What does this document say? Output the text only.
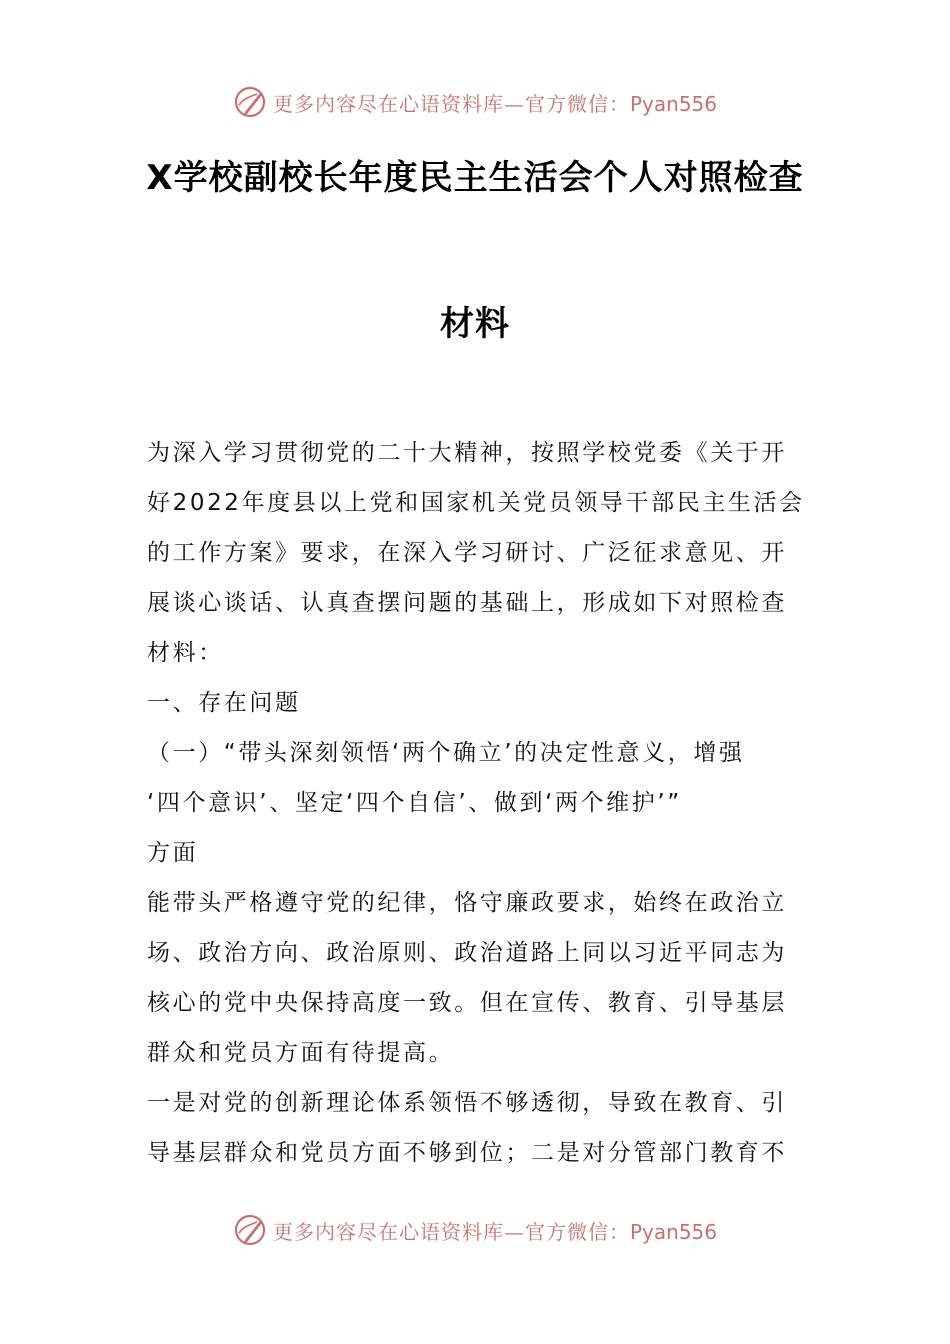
更多内容尽在心语资料库—官方微信：Pyan556
X学校副校长年度民主生活会个人对照检查
材料
为深入学习贯彻党的二十大精神，按照学校党委《关于开
好2022年度县以上党和国家机关党员领导干部民主生活会
的工作方案》要求，在深入学习研讨、广泛征求意见、开
展谈心谈话、认真查摆问题的基础上，形成如下对照检查
材料：
一、存在问题
（一）“带头深刻领悟‘两个确立’的决定性意义，增强
‘四个意识’、坚定‘四个自信’、做到‘两个维护’”
方面
能带头严格遵守党的纪律，恪守廉政要求，始终在政治立
场、政治方向、政治原则、政治道路上同以习近平同志为
核心的党中央保持高度一致。但在宣传、教育、引导基层
群众和党员方面有待提高。
一是对党的创新理论体系领悟不够透彻，导致在教育、引
导基层群众和党员方面不够到位；二是对分管部门教育不
更多内容尽在心语资料库—官方微信：Pyan556
